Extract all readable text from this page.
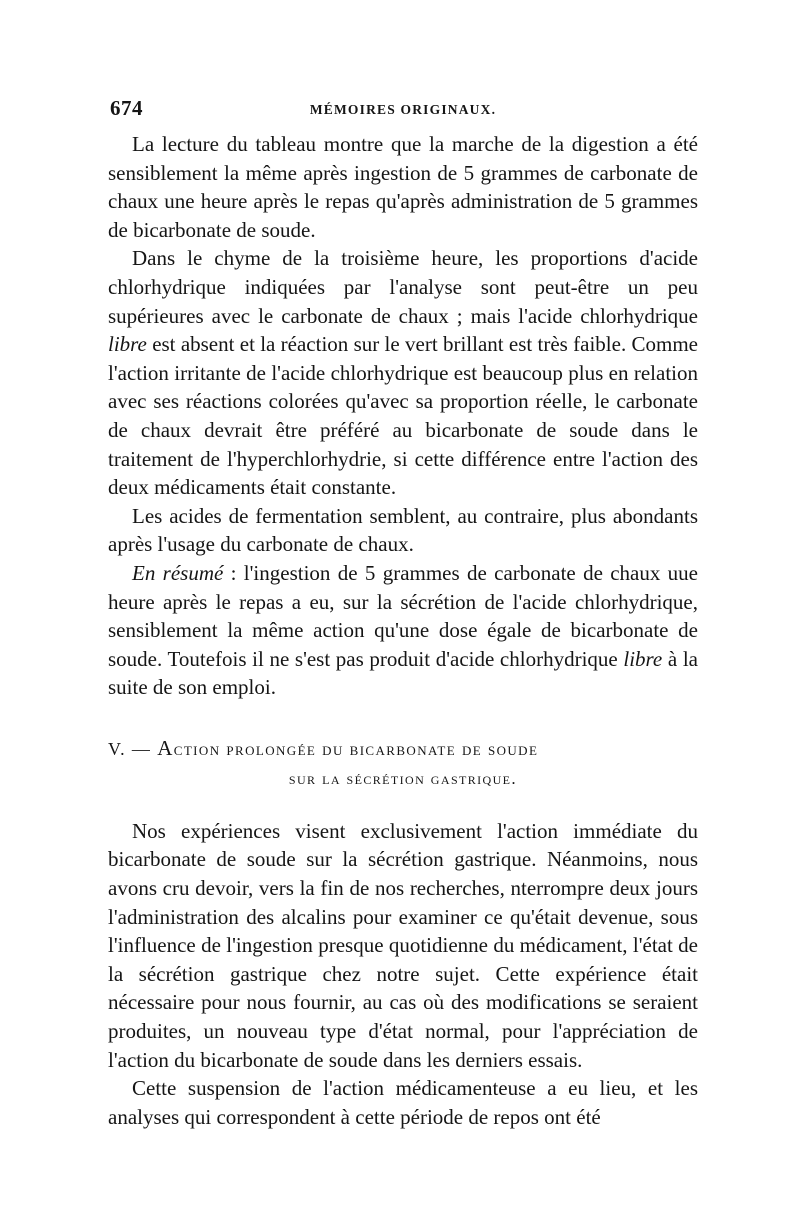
674	MÉMOIRES ORIGINAUX.

La lecture du tableau montre que la marche de la digestion a été sensiblement la même après ingestion de 5 grammes de carbonate de chaux une heure après le repas qu'après administration de 5 grammes de bicarbonate de soude.

Dans le chyme de la troisième heure, les proportions d'acide chlorhydrique indiquées par l'analyse sont peut-être un peu supérieures avec le carbonate de chaux ; mais l'acide chlorhydrique libre est absent et la réaction sur le vert brillant est très faible. Comme l'action irritante de l'acide chlorhydrique est beaucoup plus en relation avec ses réactions colorées qu'avec sa proportion réelle, le carbonate de chaux devrait être préféré au bicarbonate de soude dans le traitement de l'hyperchlorhydrie, si cette différence entre l'action des deux médicaments était constante.

Les acides de fermentation semblent, au contraire, plus abondants après l'usage du carbonate de chaux.

En résumé : l'ingestion de 5 grammes de carbonate de chaux uue heure après le repas a eu, sur la sécrétion de l'acide chlorhydrique, sensiblement la même action qu'une dose égale de bicarbonate de soude. Toutefois il ne s'est pas produit d'acide chlorhydrique libre à la suite de son emploi.

V. — Action prolongée du bicarbonate de soude
sur la sécrétion gastrique.

Nos expériences visent exclusivement l'action immédiate du bicarbonate de soude sur la sécrétion gastrique. Néanmoins, nous avons cru devoir, vers la fin de nos recherches, nterrompre deux jours l'administration des alcalins pour examiner ce qu'était devenue, sous l'influence de l'ingestion presque quotidienne du médicament, l'état de la sécrétion gastrique chez notre sujet. Cette expérience était nécessaire pour nous fournir, au cas où des modifications se seraient produites, un nouveau type d'état normal, pour l'appréciation de l'action du bicarbonate de soude dans les derniers essais.

Cette suspension de l'action médicamenteuse a eu lieu, et les analyses qui correspondent à cette période de repos ont été
